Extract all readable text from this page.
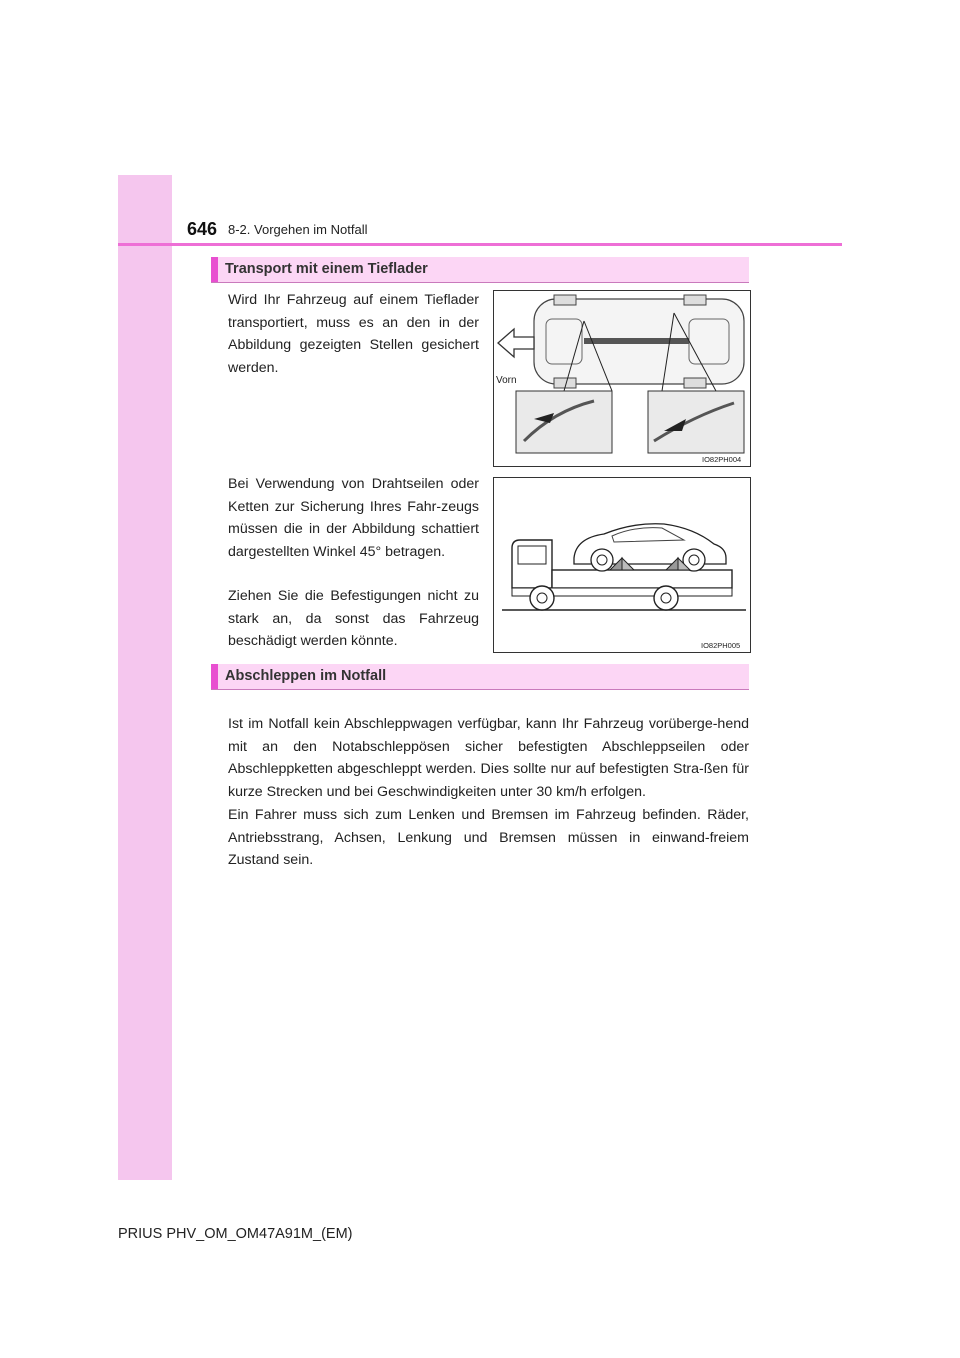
646 8-2. Vorgehen im Notfall
Transport mit einem Tieflader

Wird Ihr Fahrzeug auf einem Tieflader transportiert, muss es an den in der Abbildung gezeigten Stellen gesichert werden.

Vorn
IO82PH004

Bei Verwendung von Drahtseilen oder Ketten zur Sicherung Ihres Fahr-zeugs müssen die in der Abbildung schattiert dargestellten Winkel 45° betragen.

Ziehen Sie die Befestigungen nicht zu stark an, da sonst das Fahrzeug beschädigt werden könnte.	IO82PH005
Abschleppen im Notfall

Ist im Notfall kein Abschleppwagen verfügbar, kann Ihr Fahrzeug vorüberge-hend mit an den Notabschleppösen sicher befestigten Abschleppseilen oder Abschleppketten abgeschleppt werden. Dies sollte nur auf befestigten Stra-ßen für kurze Strecken und bei Geschwindigkeiten unter 30 km/h erfolgen.

Ein Fahrer muss sich zum Lenken und Bremsen im Fahrzeug befinden. Räder, Antriebsstrang, Achsen, Lenkung und Bremsen müssen in einwand-freiem Zustand sein.

PRIUS PHV_OM_OM47A91M_(EM)
